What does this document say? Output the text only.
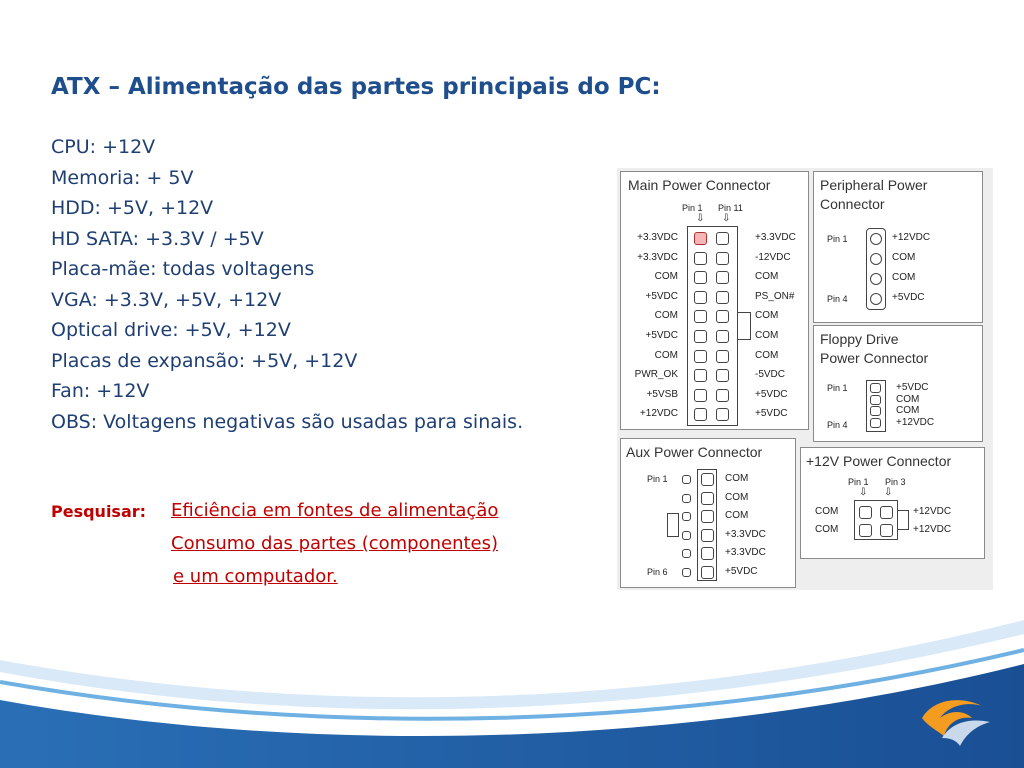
ATX – Alimentação das partes principais do PC:
CPU: +12V
Memoria: + 5V
HDD: +5V, +12V
HD SATA: +3.3V / +5V
Placa-mãe: todas voltagens
VGA: +3.3V, +5V, +12V
Optical drive: +5V, +12V
Placas de expansão: +5V, +12V
Fan: +12V
OBS: Voltagens negativas são usadas para sinais.
Pesquisar: Eficiência em fontes de alimentação
Consumo das partes (componentes)
e um computador.
Main Power Connector
Pin 1 Pin 11
⇩ ⇩
+3.3VDC
+3.3VDC
COM
+5VDC
COM
+5VDC
COM
PWR_OK
+5VSB
+12VDC
+3.3VDC
-12VDC
COM
PS_ON#
COM
COM
COM
-5VDC
+5VDC
+5VDC
Peripheral Power
Connector
Pin 1
Pin 4
+12VDC
COM
COM
+5VDC
Floppy Drive
Power Connector
Pin 1
Pin 4
+5VDC
COM
COM
+12VDC
Aux Power Connector
Pin 1
Pin 6
COM
COM
COM
+3.3VDC
+3.3VDC
+5VDC
+12V Power Connector
Pin 1 Pin 3
⇩ ⇩
COM	+12VDC
COM	+12VDC
